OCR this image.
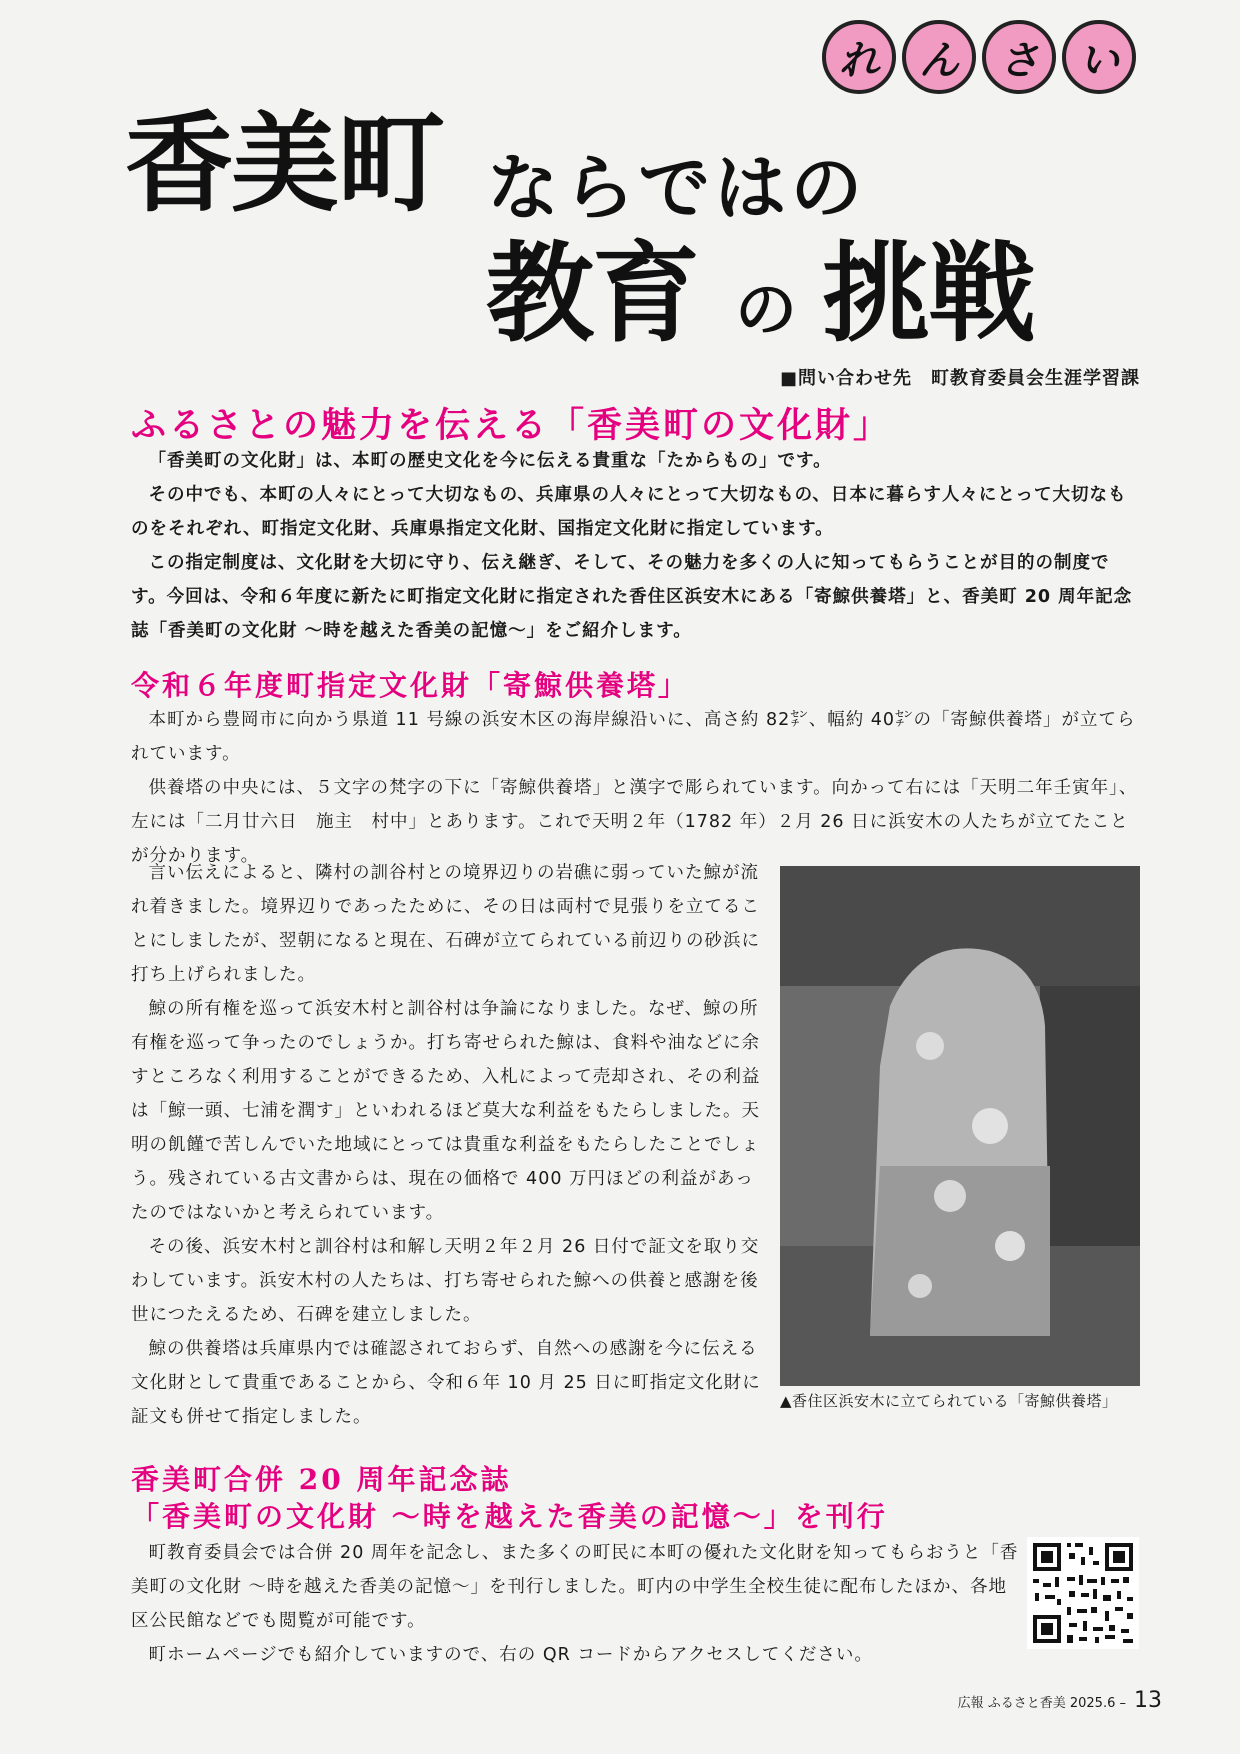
れ	ん	さ	い
香美町 ならではの
教育 の 挑戦
■問い合わせ先　町教育委員会生涯学習課
ふるさとの魅力を伝える「香美町の文化財」

「香美町の文化財」は、本町の歴史文化を今に伝える貴重な「たからもの」です。

その中でも、本町の人々にとって大切なもの、兵庫県の人々にとって大切なもの、日本に暮らす人々にとって大切なものをそれぞれ、町指定文化財、兵庫県指定文化財、国指定文化財に指定しています。

この指定制度は、文化財を大切に守り、伝え継ぎ、そして、その魅力を多くの人に知ってもらうことが目的の制度です。今回は、令和６年度に新たに町指定文化財に指定された香住区浜安木にある「寄鯨供養塔」と、香美町 20 周年記念誌「香美町の文化財 〜時を越えた香美の記憶〜」をご紹介します。

令和６年度町指定文化財「寄鯨供養塔」

本町から豊岡市に向かう県道 11 号線の浜安木区の海岸線沿いに、高さ約 82㌢、幅約 40㌢の「寄鯨供養塔」が立てられています。

供養塔の中央には、５文字の梵字の下に「寄鯨供養塔」と漢字で彫られています。向かって右には「天明二年壬寅年」、左には「二月廿六日　施主　村中」とあります。これで天明２年（1782 年）２月 26 日に浜安木の人たちが立てたことが分かります。

言い伝えによると、隣村の訓谷村との境界辺りの岩礁に弱っていた鯨が流れ着きました。境界辺りであったために、その日は両村で見張りを立てることにしましたが、翌朝になると現在、石碑が立てられている前辺りの砂浜に打ち上げられました。

鯨の所有権を巡って浜安木村と訓谷村は争論になりました。なぜ、鯨の所有権を巡って争ったのでしょうか。打ち寄せられた鯨は、食料や油などに余すところなく利用することができるため、入札によって売却され、その利益は「鯨一頭、七浦を潤す」といわれるほど莫大な利益をもたらしました。天明の飢饉で苦しんでいた地域にとっては貴重な利益をもたらしたことでしょう。残されている古文書からは、現在の価格で 400 万円ほどの利益があったのではないかと考えられています。

その後、浜安木村と訓谷村は和解し天明２年２月 26 日付で証文を取り交わしています。浜安木村の人たちは、打ち寄せられた鯨への供養と感謝を後世につたえるため、石碑を建立しました。

鯨の供養塔は兵庫県内では確認されておらず、自然への感謝を今に伝える文化財として貴重であることから、令和６年 10 月 25 日に町指定文化財に証文も併せて指定しました。

▲香住区浜安木に立てられている「寄鯨供養塔」
香美町合併 20 周年記念誌
「香美町の文化財 〜時を越えた香美の記憶〜」を刊行

町教育委員会では合併 20 周年を記念し、また多くの町民に本町の優れた文化財を知ってもらおうと「香美町の文化財 〜時を越えた香美の記憶〜」を刊行しました。町内の中学生全校生徒に配布したほか、各地区公民館などでも閲覧が可能です。

町ホームページでも紹介していますので、右の QR コードからアクセスしてください。

広報 ふるさと香美 2025.6 – 13
